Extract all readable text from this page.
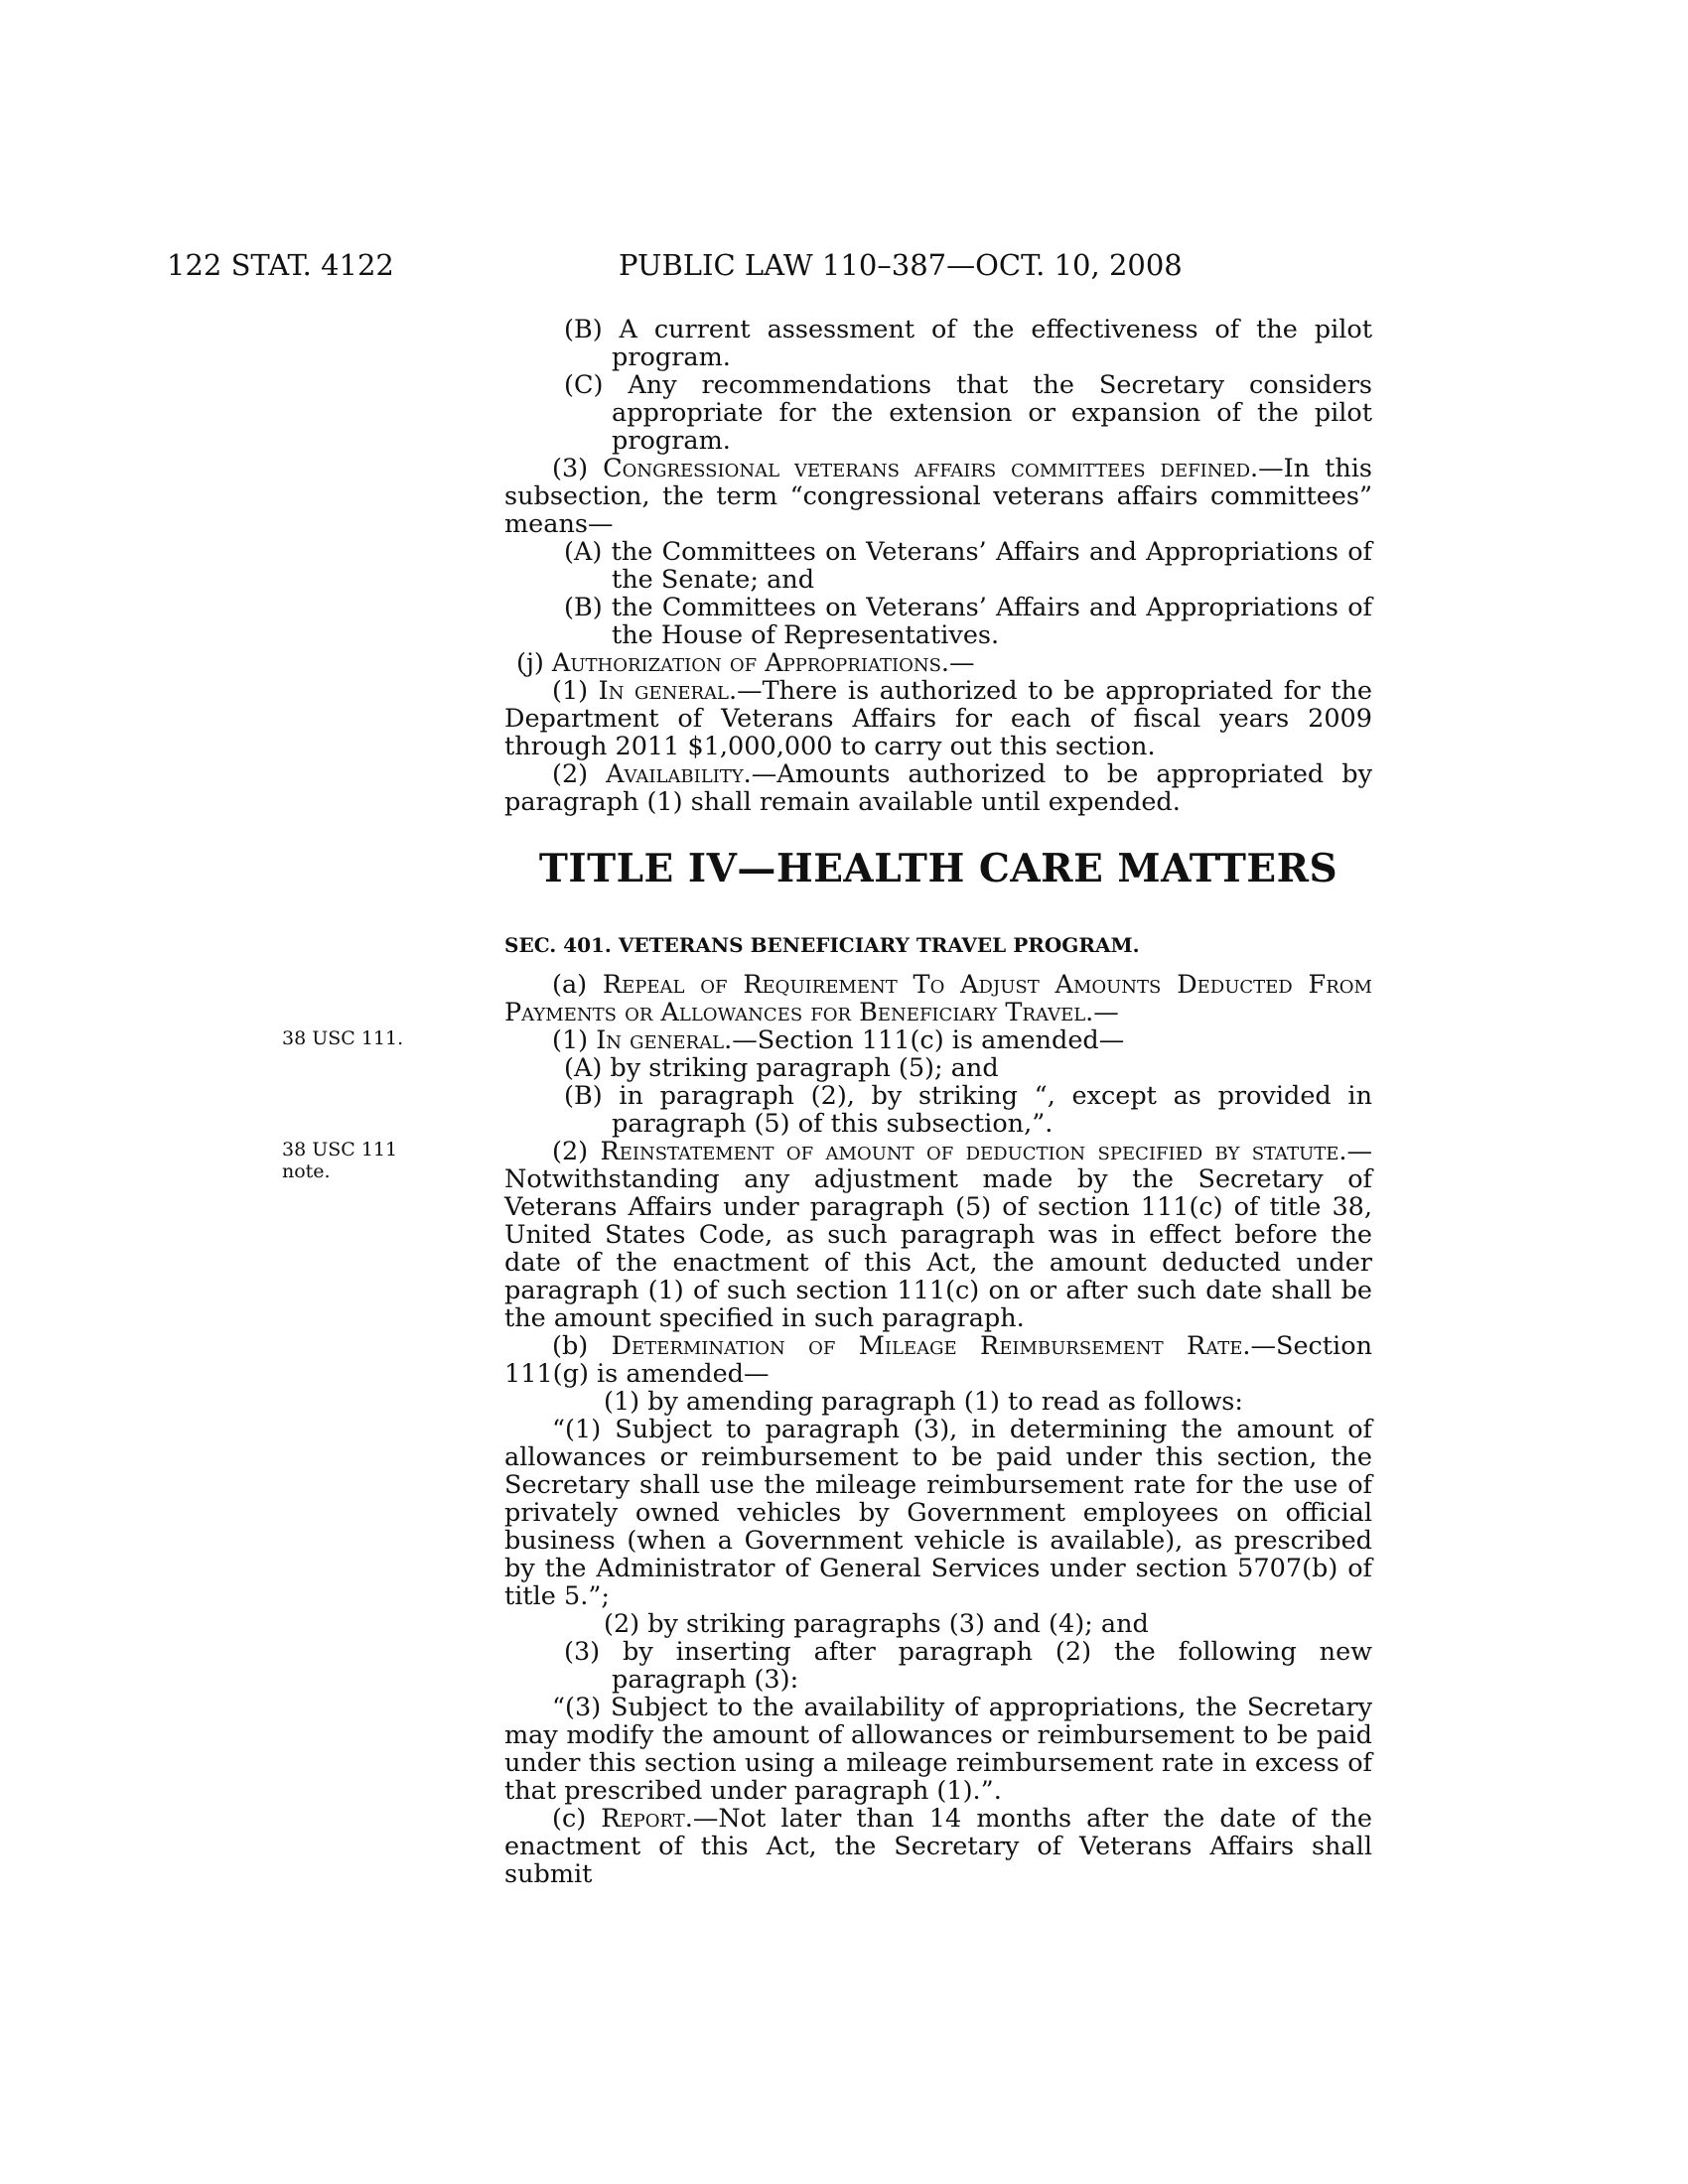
122 STAT. 4122	PUBLIC LAW 110–387—OCT. 10, 2008

(B) A current assessment of the effectiveness of the pilot program.

(C) Any recommendations that the Secretary considers appropriate for the extension or expansion of the pilot program.

(3) Congressional veterans affairs committees defined.—In this subsection, the term “congressional veterans affairs committees” means—

(A) the Committees on Veterans’ Affairs and Appropriations of the Senate; and

(B) the Committees on Veterans’ Affairs and Appropriations of the House of Representatives.

(j) Authorization of Appropriations.—

(1) In general.—There is authorized to be appropriated for the Department of Veterans Affairs for each of fiscal years 2009 through 2011 $1,000,000 to carry out this section.

(2) Availability.—Amounts authorized to be appropriated by paragraph (1) shall remain available until expended.

TITLE IV—HEALTH CARE MATTERS
SEC. 401. VETERANS BENEFICIARY TRAVEL PROGRAM.

(a) Repeal of Requirement To Adjust Amounts Deducted From Payments or Allowances for Beneficiary Travel.—

(1) In general.—Section 111(c) is amended—

(A) by striking paragraph (5); and

(B) in paragraph (2), by striking “, except as provided in paragraph (5) of this subsection,”.

(2) Reinstatement of amount of deduction specified by statute.—Notwithstanding any adjustment made by the Secretary of Veterans Affairs under paragraph (5) of section 111(c) of title 38, United States Code, as such paragraph was in effect before the date of the enactment of this Act, the amount deducted under paragraph (1) of such section 111(c) on or after such date shall be the amount specified in such paragraph.

(b) Determination of Mileage Reimbursement Rate.—Section 111(g) is amended—

(1) by amending paragraph (1) to read as follows:

“(1) Subject to paragraph (3), in determining the amount of allowances or reimbursement to be paid under this section, the Secretary shall use the mileage reimbursement rate for the use of privately owned vehicles by Government employees on official business (when a Government vehicle is available), as prescribed by the Administrator of General Services under section 5707(b) of title 5.”;

(2) by striking paragraphs (3) and (4); and

(3) by inserting after paragraph (2) the following new paragraph (3):

“(3) Subject to the availability of appropriations, the Secretary may modify the amount of allowances or reimbursement to be paid under this section using a mileage reimbursement rate in excess of that prescribed under paragraph (1).”.

(c) Report.—Not later than 14 months after the date of the enactment of this Act, the Secretary of Veterans Affairs shall submit

38 USC 111.
38 USC 111
note.
